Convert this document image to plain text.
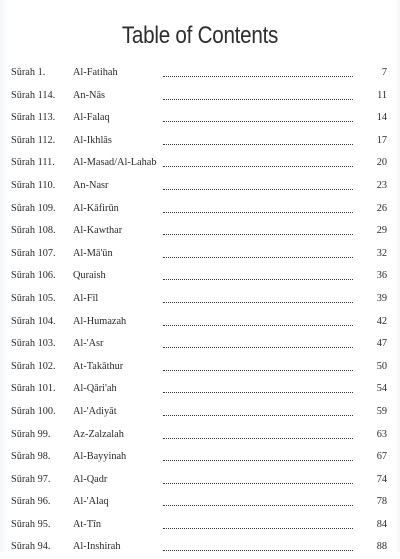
Table of Contents
Sūrah 1.	Al-Fatihah	7
Sūrah 114. An-Nās	11
Sūrah 113. Al-Falaq	14
Sūrah 112. Al-Ikhlās	17
Sūrah 111. Al-Masad/Al-Lahab	20
Sūrah 110. An-Nasr	23
Sūrah 109. Al-Kāfirūn	26
Sūrah 108. Al-Kawthar	29
Sūrah 107. Al-Mā'ūn	32
Sūrah 106. Quraish	36
Sūrah 105. Al-Fīl	39
Sūrah 104. Al-Humazah	42
Sūrah 103. Al-'Asr	47
Sūrah 102. At-Takāthur	50
Sūrah 101. Al-Qāri'ah	54
Sūrah 100. Al-'Adiyāt	59
Sūrah 99. Az-Zalzalah	63
Sūrah 98. Al-Bayyinah	67
Sūrah 97. Al-Qadr	74
Sūrah 96. Al-'Alaq	78
Sūrah 95. At-Tīn	84
Sūrah 94. Al-Inshirah	88
